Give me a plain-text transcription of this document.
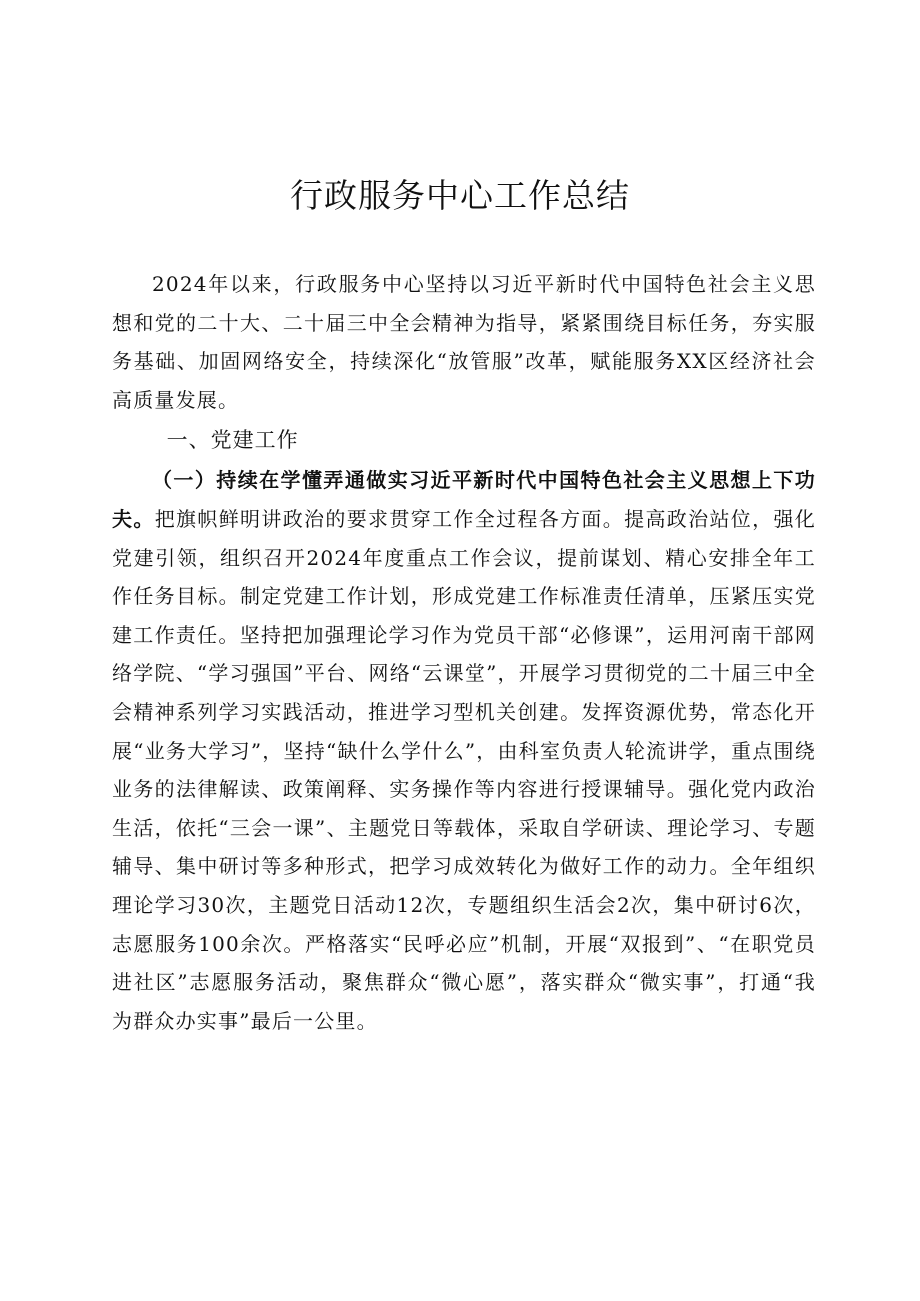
行政服务中心工作总结

2024年以来，行政服务中心坚持以习近平新时代中国特色社会主义思想和党的二十大、二十届三中全会精神为指导，紧紧围绕目标任务，夯实服务基础、加固网络安全，持续深化“放管服”改革，赋能服务XX区经济社会高质量发展。

一、党建工作

（一）持续在学懂弄通做实习近平新时代中国特色社会主义思想上下功夫。把旗帜鲜明讲政治的要求贯穿工作全过程各方面。提高政治站位，强化党建引领，组织召开2024年度重点工作会议，提前谋划、精心安排全年工作任务目标。制定党建工作计划，形成党建工作标准责任清单，压紧压实党建工作责任。坚持把加强理论学习作为党员干部“必修课”，运用河南干部网络学院、“学习强国”平台、网络“云课堂”，开展学习贯彻党的二十届三中全会精神系列学习实践活动，推进学习型机关创建。发挥资源优势，常态化开展“业务大学习”，坚持“缺什么学什么”，由科室负责人轮流讲学，重点围绕业务的法律解读、政策阐释、实务操作等内容进行授课辅导。强化党内政治生活，依托“三会一课”、主题党日等载体，采取自学研读、理论学习、专题辅导、集中研讨等多种形式，把学习成效转化为做好工作的动力。全年组织理论学习30次，主题党日活动12次，专题组织生活会2次，集中研讨6次，志愿服务100余次。严格落实“民呼必应”机制，开展“双报到”、“在职党员进社区”志愿服务活动，聚焦群众“微心愿”，落实群众“微实事”，打通“我为群众办实事”最后一公里。
